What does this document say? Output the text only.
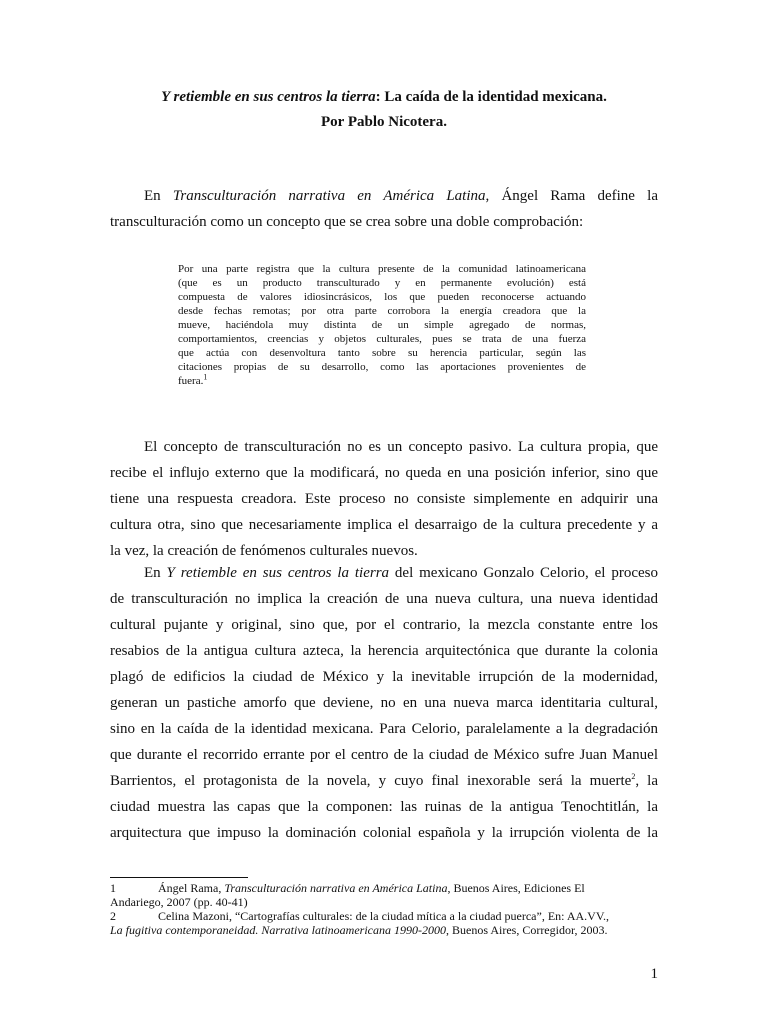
Y retiemble en sus centros la tierra: La caída de la identidad mexicana.
Por Pablo Nicotera.
En Transculturación narrativa en América Latina, Ángel Rama define la
transculturación como un concepto que se crea sobre una doble comprobación:
Por una parte registra que la cultura presente de la comunidad latinoamericana
(que es un producto transculturado y en permanente evolución) está
compuesta de valores idiosincrásicos, los que pueden reconocerse actuando
desde fechas remotas; por otra parte corrobora la energía creadora que la
mueve, haciéndola muy distinta de un simple agregado de normas,
comportamientos, creencias y objetos culturales, pues se trata de una fuerza
que actúa con desenvoltura tanto sobre su herencia particular, según las
citaciones propias de su desarrollo, como las aportaciones provenientes de
fuera.$^1$
El concepto de transculturación no es un concepto pasivo. La cultura propia, que
recibe el influjo externo que la modificará, no queda en una posición inferior, sino que
tiene una respuesta creadora. Este proceso no consiste simplemente en adquirir una
cultura otra, sino que necesariamente implica el desarraigo de la cultura precedente y a
la vez, la creación de fenómenos culturales nuevos.
En Y retiemble en sus centros la tierra del mexicano Gonzalo Celorio, el proceso
de transculturación no implica la creación de una nueva cultura, una nueva identidad
cultural pujante y original, sino que, por el contrario, la mezcla constante entre los
resabios de la antigua cultura azteca, la herencia arquitectónica que durante la colonia
plagó de edificios la ciudad de México y la inevitable irrupción de la modernidad,
generan un pastiche amorfo que deviene, no en una nueva marca identitaria cultural,
sino en la caída de la identidad mexicana. Para Celorio, paralelamente a la degradación
que durante el recorrido errante por el centro de la ciudad de México sufre Juan Manuel
Barrientos, el protagonista de la novela, y cuyo final inexorable será la muerte$^2$, la
ciudad muestra las capas que la componen: las ruinas de la antigua Tenochtitlán, la
arquitectura que impuso la dominación colonial española y la irrupción violenta de la
1	Ángel Rama, Transculturación narrativa en América Latina, Buenos Aires, Ediciones El
Andariego, 2007 (pp. 40-41)
2	Celina Mazoni, “Cartografías culturales: de la ciudad mítica a la ciudad puerca”, En: AA.VV.,
La fugitiva contemporaneidad. Narrativa latinoamericana 1990-2000, Buenos Aires, Corregidor, 2003.
1
